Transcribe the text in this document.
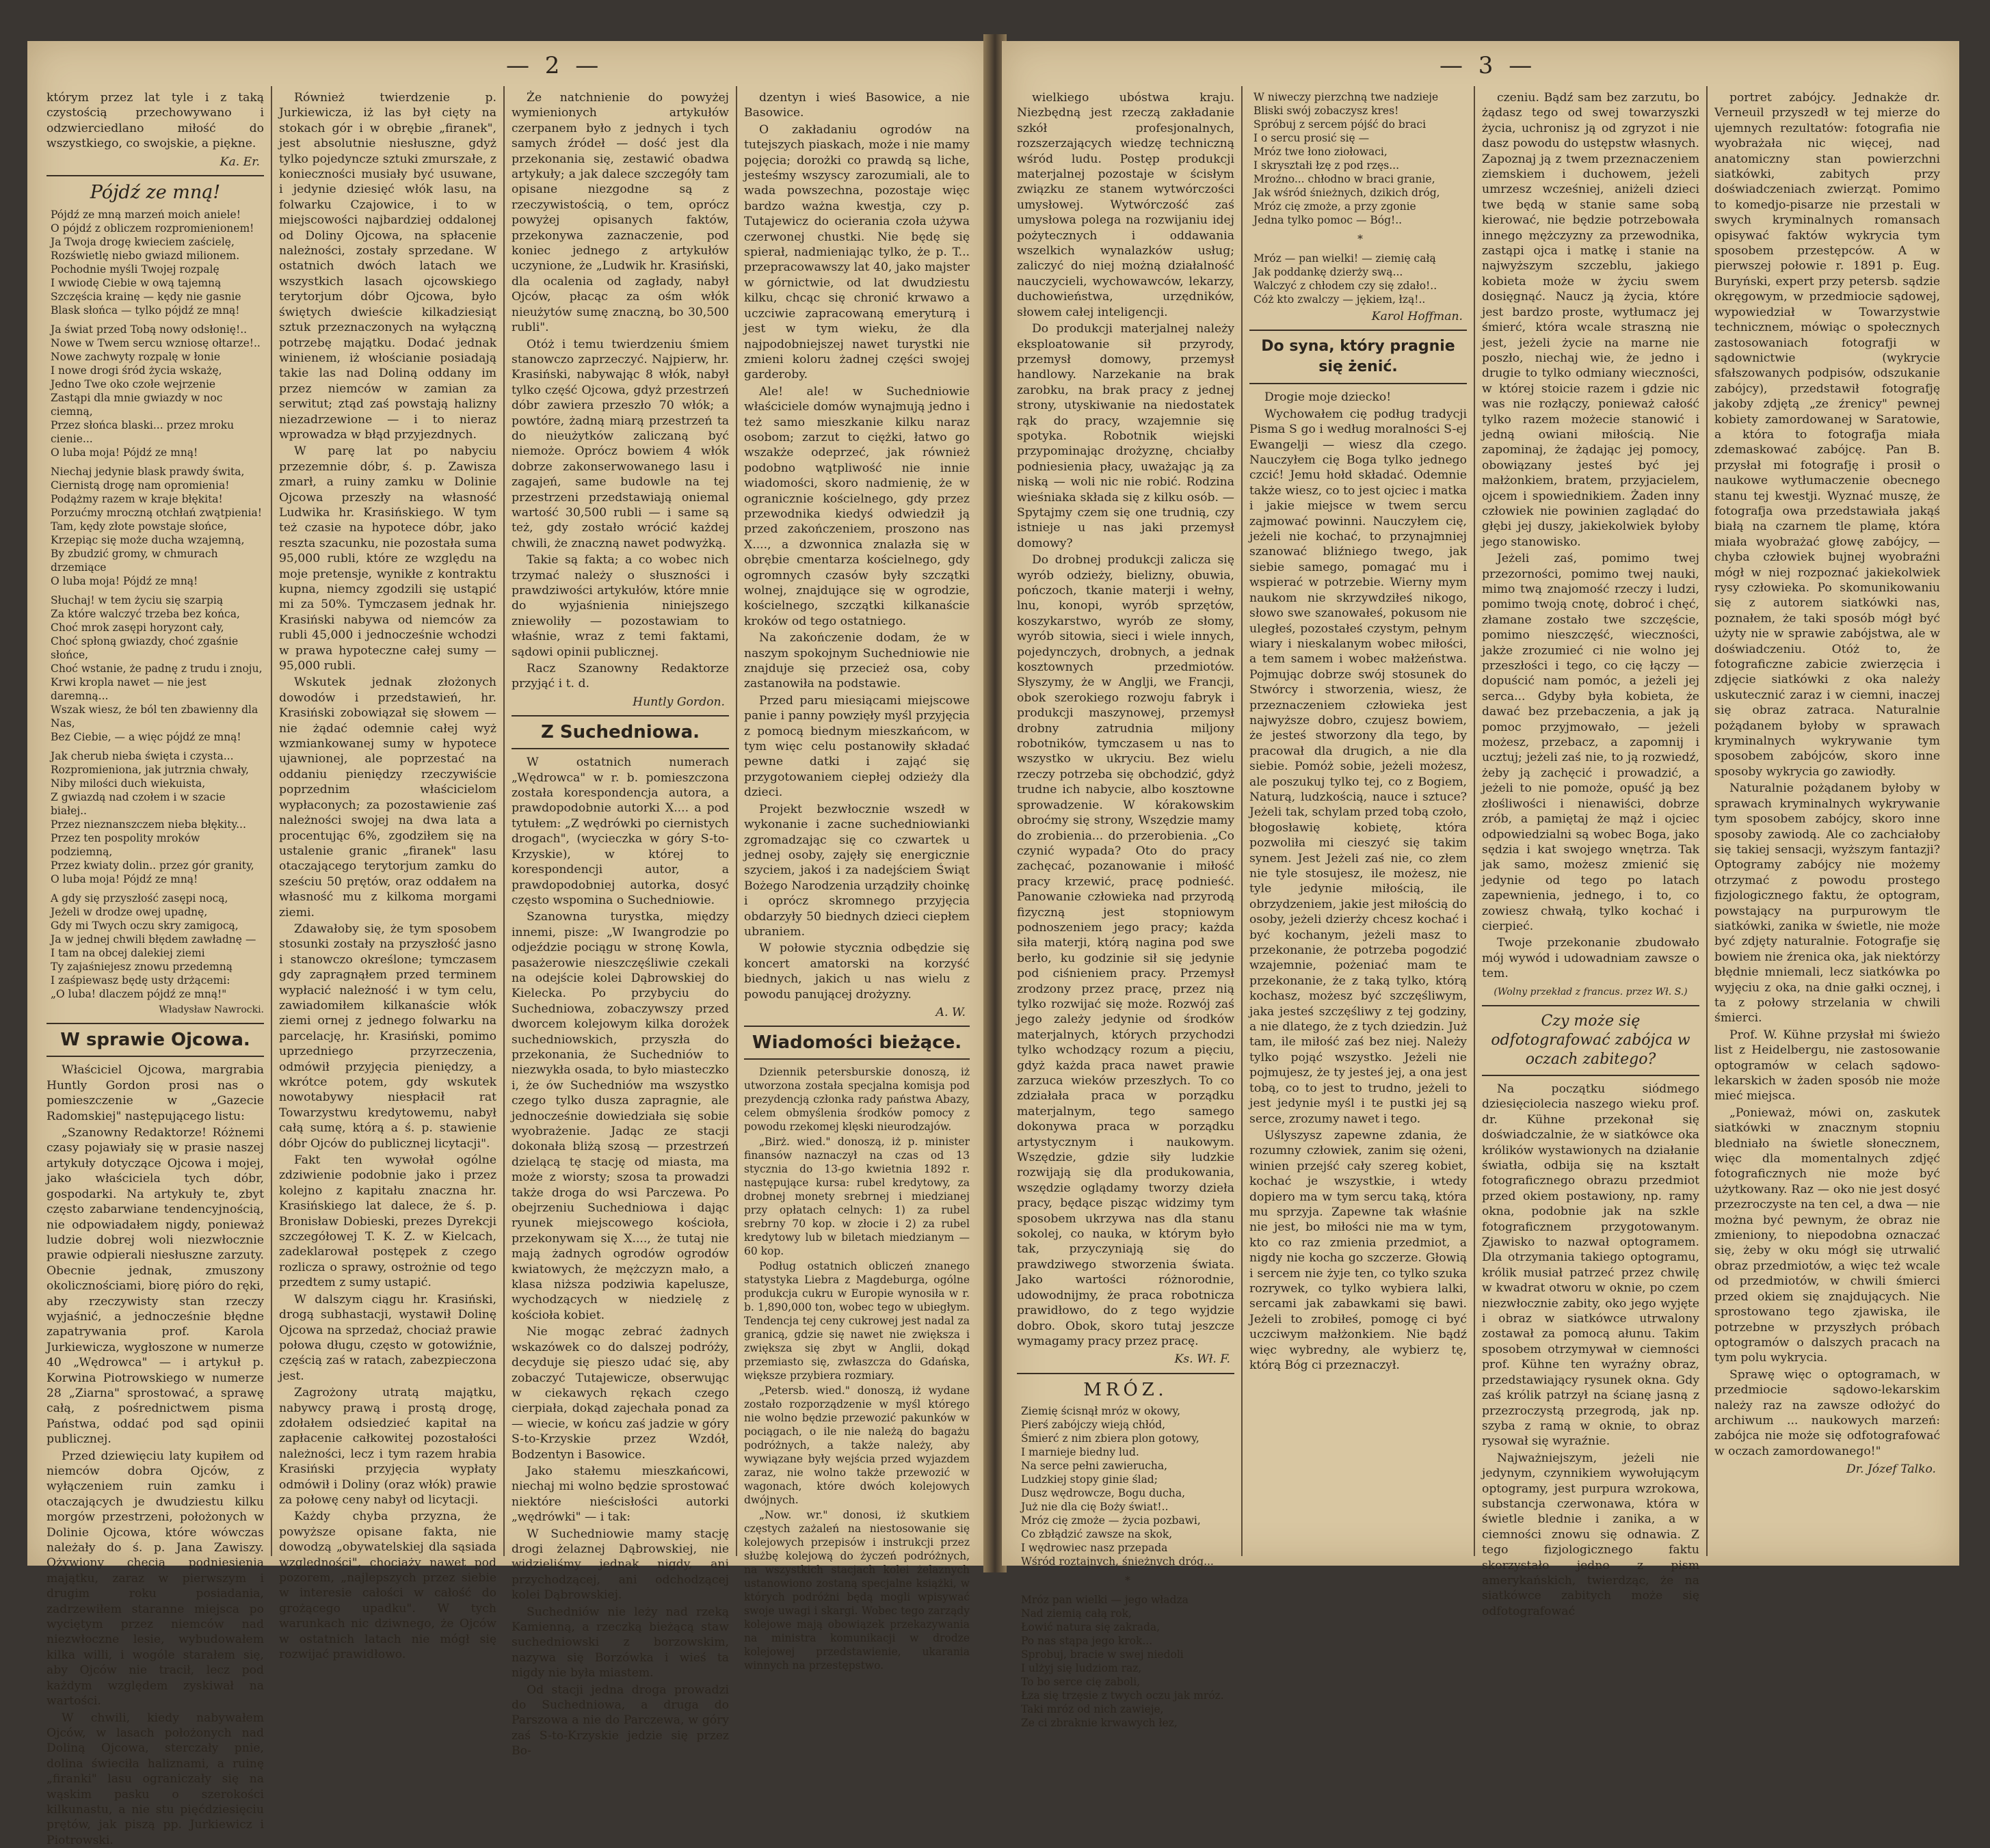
— 2 —
którym przez lat tyle i z taką czystością przechowywano i odzwierciedlano miłość do wszystkiego, co swojskie, a piękne.
Ka. Er.
Pójdź ze mną!
Pójdź ze mną marzeń moich aniele!
O pójdź z obliczem rozpromienionem!
Ja Twoja drogę kwieciem zaścielę,
Rozświetlę niebo gwiazd milionem.
Pochodnie myśli Twojej rozpalę
I wwiodę Ciebie w ową tajemną
Szczęścia krainę — kędy nie gasnie
Blask słońca — tylko pójdź ze mną!

Ja świat przed Tobą nowy odsłonię!..
Nowe w Twem sercu wzniosę ołtarze!..
Nowe zachwyty rozpalę w łonie
I nowe drogi śród życia wskażę,
Jedno Twe oko czołe wejrzenie
Zastąpi dla mnie gwiazdy w noc ciemną,
Przez słońca blaski... przez mroku cienie...
O luba moja! Pójdź ze mną!

Niechaj jedynie blask prawdy świta,
Ciernistą drogę nam opromienia!
Podążmy razem w kraje błękita!
Porzućmy mroczną otchłań zwątpienia!
Tam, kędy złote powstaje słońce,
Krzepiąc się może ducha wzajemną,
By zbudzić gromy, w chmurach drzemiące
O luba moja! Pójdź ze mną!

Słuchaj! w tem życiu się szarpią
Za które walczyć trzeba bez końca,
Choć mrok zasępi horyzont cały,
Choć spłoną gwiazdy, choć zgaśnie słońce,
Choć wstanie, że padnę z trudu i znoju,
Krwi kropla nawet — nie jest daremną...
Wszak wiesz, że ból ten zbawienny dla Nas,
Bez Ciebie, — a więc pójdź ze mną!

Jak cherub nieba święta i czysta...
Rozpromieniona, jak jutrznia chwały,
Niby milości duch wiekuista,
Z gwiazdą nad czołem i w szacie białej..
Przez nieznanszczem nieba błękity...
Przez ten pospolity mroków podziemną,
Przez kwiaty dolin.. przez gór granity,
O luba moja! Pójdź ze mną!

A gdy się przyszłość zasępi nocą,
Jeżeli w drodze owej upadnę,
Gdy mi Twych oczu skry zamigocą,
Ja w jednej chwili błędem zawładnę —
I tam na obcej dalekiej ziemi
Ty zajaśniejesz znowu przedemną
I zaśpiewasz będę usty drżącemi:
„O luba! dlaczem pójdź ze mną!"
Władysław Nawrocki.
W sprawie Ojcowa.
Właściciel Ojcowa, margrabia Huntly Gordon prosi nas o pomieszczenie w „Gazecie Radomskiej" następującego listu:
„Szanowny Redaktorze! Różnemi czasy pojawiały się w prasie naszej artykuły dotyczące Ojcowa i mojej, jako właściciela tych dóbr, gospodarki. Na artykuły te, zbyt często zabarwiane tendencyjnością, nie odpowiadałem nigdy, ponieważ ludzie dobrej woli niezwłocznie prawie odpierali niesłuszne zarzuty. Obecnie jednak, zmuszony okolicznościami, biorę pióro do ręki, aby rzeczywisty stan rzeczy wyjaśnić, a jednocześnie błędne zapatrywania prof. Karola Jurkiewicza, wygłoszone w numerze 40 „Wędrowca" — i artykuł p. Korwina Piotrowskiego w numerze 28 „Ziarna" sprostować, a sprawę całą, z pośrednictwem pisma Państwa, oddać pod sąd opinii publicznej.
Przed dziewięciu laty kupiłem od niemców dobra Ojców, z wyłączeniem ruin zamku i otaczających je dwudziestu kilku morgów przestrzeni, położonych w Dolinie Ojcowa, które wówczas należały do ś. p. Jana Zawiszy. Ożywiony chęcią podniesienia majątku, zaraz w pierwszym i drugim roku posiadania, zadrzewiłem staranne miejsca po wyciętym przez niemców nad niezwłoczne lesie, wybudowałem kilka willi, i wogóle starałem się, aby Ojców nie tracił, lecz pod każdym względem zyskiwał na wartości.
W chwili, kiedy nabywałem Ojców, w lasach położonych nad Doliną Ojcowa, sterczały pnie, dolina świeciła haliznami, a ruinę „firanki" lasu ograniczały się na wąskim pasku o szerokości kilkunastu, a nie stu pięćdziesięciu prętów, jak piszą pp. Jurkiewicz i Piotrowski.
Również twierdzenie p. Jurkiewicza, iż las był cięty na stokach gór i w obrębie „firanek", jest absolutnie niesłuszne, gdyż tylko pojedyncze sztuki zmurszałe, z konieczności musiały być usuwane, i jedynie dziesięć włók lasu, na folwarku Czajowice, i to w miejscowości najbardziej oddalonej od Doliny Ojcowa, na spłacenie należności, zostały sprzedane. W ostatnich dwóch latach we wszystkich lasach ojcowskiego terytorjum dóbr Ojcowa, było świętych dwieście kilkadziesiąt sztuk przeznaczonych na wyłączną potrzebę majątku. Dodać jednak winienem, iż włościanie posiadają takie las nad Doliną oddany im przez niemców w zamian za serwitut; ztąd zaś powstają halizny niezadrzewione — i to nieraz wprowadza w błąd przyjezdnych.
W parę lat po nabyciu przezemnie dóbr, ś. p. Zawisza zmarł, a ruiny zamku w Dolinie Ojcowa przeszły na własność Ludwika hr. Krasińskiego. W tym też czasie na hypotece dóbr, jako reszta szacunku, nie pozostała suma 95,000 rubli, które ze względu na moje pretensje, wynikłe z kontraktu kupna, niemcy zgodzili się ustąpić mi za 50%. Tymczasem jednak hr. Krasiński nabywa od niemców za rubli 45,000 i jednocześnie wchodzi w prawa hypoteczne całej sumy — 95,000 rubli.
Wskutek jednak złożonych dowodów i przedstawień, hr. Krasiński zobowiązał się słowem — nie żądać odemnie całej wyż wzmiankowanej sumy w hypotece ujawnionej, ale poprzestać na oddaniu pieniędzy rzeczywiście poprzednim właścicielom wypłaconych; za pozostawienie zaś należności swojej na dwa lata a procentując 6%, zgodziłem się na ustalenie granic „firanek" lasu otaczającego terytorjum zamku do sześciu 50 prętów, oraz oddałem na własność mu z kilkoma morgami ziemi.
Zdawałoby się, że tym sposobem stosunki zostały na przyszłość jasno i stanowczo określone; tymczasem gdy zapragnąłem przed terminem wypłacić należność i w tym celu, zawiadomiłem kilkanaście włók ziemi ornej z jednego folwarku na parcelację, hr. Krasiński, pomimo uprzedniego przyrzeczenia, odmówił przyjęcia pieniędzy, a wkrótce potem, gdy wskutek nowotabywy niespłacił rat Towarzystwu kredytowemu, nabył całą sumę, którą a ś. p. stawienie dóbr Ojców do publicznej licytacji".
Fakt ten wywołał ogólne zdziwienie podobnie jako i przez kolejno z kapitału znaczna hr. Krasińskiego lat dalece, że ś. p. Bronisław Dobieski, prezes Dyrekcji szczegółowej T. K. Z. w Kielcach, zadeklarował postępek z czego rozlicza o sprawy, ostrożnie od tego przedtem z sumy ustapić.
W dalszym ciągu hr. Krasiński, drogą subhastacji, wystawił Dolinę Ojcowa na sprzedaż, chociaż prawie połowa długu, często w gotowiźnie, częścią zaś w ratach, zabezpieczona jest.
Zagrożony utratą majątku, nabywcy prawą i prostą drogę, zdołałem odsiedzieć kapitał na zapłacenie całkowitej pozostałości należności, lecz i tym razem hrabia Krasiński przyjęcia wypłaty odmówił i Doliny (oraz włók) prawie za połowę ceny nabył od licytacji.
Każdy chyba przyzna, że powyższe opisane fakta, nie dowodzą „obywatelskiej dla sąsiada względności", chociaży nawet pod pozorem, „najlepszych przez siebie w interesie całości w całość do grożącego upadku". W tych warunkach nic dziwnego, że Ojców w ostatnich latach nie mógł się rozwijać prawidłowo.
Że natchnienie do powyżej wymienionych artykułów czerpanem było z jednych i tych samych źródeł — dość jest dla przekonania się, zestawić obadwa artykuły; a jak dalece szczegóły tam opisane niezgodne są z rzeczywistością, o tem, oprócz powyżej opisanych faktów, przekonywa zaznaczenie, pod koniec jednego z artykułów uczynione, że „Ludwik hr. Krasiński, dla ocalenia od zagłady, nabył Ojców, płacąc za ośm włók nieużytów sumę znaczną, bo 30,500 rubli".
Otóż i temu twierdzeniu śmiem stanowczo zaprzeczyć. Najpierw, hr. Krasiński, nabywając 8 włók, nabył tylko część Ojcowa, gdyż przestrzeń dóbr zawiera przeszło 70 włók; a powtóre, żadną miarą przestrzeń ta do nieużytków zaliczaną być niemoże. Oprócz bowiem 4 włók dobrze zakonserwowanego lasu i zagajeń, same budowle na tej przestrzeni przedstawiają oniemal wartość 30,500 rubli — i same są też, gdy zostało wrócić każdej chwili, że znaczną nawet podwyżką.
Takie są fakta; a co wobec nich trzymać należy o słuszności i prawdziwości artykułów, które mnie do wyjaśnienia niniejszego zniewoliły — pozostawiam to właśnie, wraz z temi faktami, sądowi opinii publicznej.
Racz Szanowny Redaktorze przyjąć i t. d.
Huntly Gordon.
Z Suchedniowa.
W ostatnich numerach „Wędrowca" w r. b. pomieszczona została korespondencja autora, a prawdopodobnie autorki X.... a pod tytułem: „Z wędrówki po ciernistych drogach", (wycieczka w góry S-to-Krzyskie), w której to korespondencji autor, a prawdopodobniej autorka, dosyć często wspomina o Suchedniowie.
Szanowna turystka, między innemi, pisze: „W Iwangrodzie po odjeździe pociągu w stronę Kowla, pasażerowie nieszczęśliwie czekali na odejście kolei Dąbrowskiej do Kielecka. Po przybyciu do Suchedniowa, zobaczywszy przed dworcem kolejowym kilka dorożek suchedniowskich, przyszła do przekonania, że Suchedniów to niezwykła osada, to było miasteczko i, że ów Suchedniów ma wszystko czego tylko dusza zapragnie, ale jednocześnie dowiedziała się sobie wyobrażenie. Jadąc ze stacji dokonała bliżą szosą — przestrzeń dzielącą tę stację od miasta, ma może z wiorsty; szosa ta prowadzi także droga do wsi Parczewa. Po obejrzeniu Suchedniowa i dając ryunek miejscowego kościoła, przekonywam się X...., że tutaj nie mają żadnych ogrodów ogrodów kwiatowych, że mężczyzn mało, a klasa niższa podziwia kapelusze, wychodzących w niedzielę z kościoła kobiet.
Nie mogąc zebrać żadnych wskazówek co do dalszej podróży, decyduje się pieszo udać się, aby zobaczyć Tutajewicze, obserwując w ciekawych rękach czego cierpiała, dokąd zajechała ponad za — wiecie, w końcu zaś jadzie w góry S-to-Krzyskie przez Wzdół, Bodzentyn i Basowice.
Jako stałemu mieszkańcowi, niechaj mi wolno będzie sprostować niektóre nieścisłości autorki „wędrówki" — i tak:
W Suchedniowie mamy stację drogi żelaznej Dąbrowskiej, nie widzieliśmy jednak nigdy, ani przychodzącej, ani odchodzącej kolei Dąbrowskiej.
Suchedniów nie leży nad rzeką Kamienną, a rzeczką bieżącą staw suchedniowski z borzowskim, nazywa się Borzówka i wieś ta nigdy nie była miastem.
Od stacji jedna droga prowadzi do Suchedniowa, a druga do Parszowa a nie do Parczewa, w góry zaś S-to-Krzyskie jedzie się przez Bo-
dzentyn i wieś Basowice, a nie Basowice.
O zakładaniu ogrodów na tutejszych piaskach, może i nie mamy pojęcia; dorożki co prawdą są liche, jesteśmy wszyscy zarozumiali, ale to wada powszechna, pozostaje więc bardzo ważna kwestja, czy p. Tutajewicz do ocierania czoła używa czerwonej chustki. Nie będę się spierał, nadmieniając tylko, że p. T... przepracowawszy lat 40, jako majster w górnictwie, od lat dwudziestu kilku, chcąc się chronić krwawo a uczciwie zapracowaną emeryturą i jest w tym wieku, że dla najpodobniejszej nawet turystki nie zmieni koloru żadnej części swojej garderoby.
Ale! ale! w Suchedniowie właściciele domów wynajmują jedno i też samo mieszkanie kilku naraz osobom; zarzut to ciężki, łatwo go wszakże odeprzeć, jak również podobno wątpliwość nie innie wiadomości, skoro nadmienię, że w ogranicznie kościelnego, gdy przez przewodnika kiedyś odwiedził ją przed zakończeniem, proszono nas X...., a dzwonnica znalazła się w obrębie cmentarza kościelnego, gdy ogromnych czasów były szczątki wolnej, znajdujące się w ogrodzie, kościelnego, szczątki kilkanaście kroków od tego ostatniego.
Na zakończenie dodam, że w naszym spokojnym Suchedniowie nie znajduje się przecież osa, coby zastanowiła na podstawie.
Przed paru miesiącami miejscowe panie i panny powzięły myśl przyjęcia z pomocą biednym mieszkańcom, w tym więc celu postanowiły składać pewne datki i zająć się przygotowaniem ciepłej odzieży dla dzieci.
Projekt bezwłocznie wszedł w wykonanie i zacne suchedniowianki zgromadzając się co czwartek u jednej osoby, zajęły się energicznie szyciem, jakoś i za nadejściem Świąt Bożego Narodzenia urządziły choinkę i oprócz skromnego przyjęcia obdarzyły 50 biednych dzieci ciepłem ubraniem.
W połowie stycznia odbędzie się koncert amatorski na korzyść biednych, jakich u nas wielu z powodu panującej drożyzny.
A. W.
Wiadomości bieżące.
Dziennik petersburskie donoszą, iż utworzona została specjalna komisja pod prezydencją członka rady państwa Abazy, celem obmyślenia środków pomocy z powodu rzekomej klęski nieurodzajów.
„Birż. wied." donoszą, iż p. minister finansów naznaczył na czas od 13 stycznia do 13-go kwietnia 1892 r. następujące kursa: rubel kredytowy, za drobnej monety srebrnej i miedzianej przy opłatach celnych: 1) za rubel srebrny 70 kop. w złocie i 2) za rubel kredytowy lub w biletach miedzianym — 60 kop.
Podług ostatnich obliczeń znanego statystyka Liebra z Magdeburga, ogólne produkcja cukru w Europie wynosiła w r. b. 1,890,000 ton, wobec tego w ubiegłym. Tendencja tej ceny cukrowej jest nadal za granicą, gdzie się nawet nie zwiększa i zwiększa się zbyt w Anglii, dokąd przemiasto się, zwłaszcza do Gdańska, większe przybiera rozmiary.
„Petersb. wied." donoszą, iż wydane zostało rozporządzenie w myśl którego nie wolno będzie przewozić pakunków w pociągach, o ile nie należą do bagażu podróżnych, a także należy, aby wywiązane były wejścia przed wyjazdem zaraz, nie wolno także przewozić w wagonach, które dwóch kolejowych dwójnych.
„Now. wr." donosi, iż skutkiem częstych zażaleń na niestosowanie się kolejowych przepisów i instrukcji przez służbę kolejową do życzeń podróżnych, na wszystkich stacjach kolei żelaznych ustanowiono zostaną specjalne książki, w których podróżni będą mogli wpisywać swoje uwagi i skargi. Wobec tego zarządy kolejowe mają obowiązek przekazywania na ministra komunikacji w drodze kolejowej przedstawienie, ukarania winnych na przestępstwo.
— 3 —
wielkiego ubóstwa kraju. Niezbędną jest rzeczą zakładanie szkół profesjonalnych, rozszerzających wiedzę techniczną wśród ludu. Postęp produkcji materjalnej pozostaje w ścisłym związku ze stanem wytwórczości umysłowej. Wytwórczość zaś umysłowa polega na rozwijaniu idej pożytecznych i oddawania wszelkich wynalazków usług; zaliczyć do niej możną działalność nauczycieli, wychowawców, lekarzy, duchowieństwa, urzędników, słowem całej inteligencji.
Do produkcji materjalnej należy eksploatowanie sił przyrody, przemysł domowy, przemysł handlowy. Narzekanie na brak zarobku, na brak pracy z jednej strony, utyskiwanie na niedostatek rąk do pracy, wzajemnie się spotyka. Robotnik wiejski przypominając drożyznę, chciałby podniesienia płacy, uważając ją za niską — woli nic nie robić. Rodzina wieśniaka składa się z kilku osób. — Spytajmy czem się one trudnią, czy istnieje u nas jaki przemysł domowy?
Do drobnej produkcji zalicza się wyrób odzieży, bielizny, obuwia, pończoch, tkanie materji i wełny, lnu, konopi, wyrób sprzętów, koszykarstwo, wyrób ze słomy, wyrób sitowia, sieci i wiele innych, pojedynczych, drobnych, a jednak kosztownych przedmiotów. Słyszymy, że w Anglji, we Francji, obok szerokiego rozwoju fabryk i produkcji maszynowej, przemysł drobny zatrudnia miljony robotników, tymczasem u nas to wszystko w ukryciu. Bez wielu rzeczy potrzeba się obchodzić, gdyż trudne ich nabycie, albo kosztowne sprowadzenie. W kórakowskim obroćmy się strony, Wszędzie mamy do zrobienia... do przerobienia. „Co czynić wypada? Oto do pracy zachęcać, pozanowanie i miłość pracy krzewić, pracę podnieść. Panowanie człowieka nad przyrodą fizyczną jest stopniowym podnoszeniem jego pracy; każda siła materji, którą nagina pod swe berło, ku godzinie sił się jedynie pod ciśnieniem pracy. Przemysł zrodzony przez pracę, przez nią tylko rozwijać się może. Rozwój zaś jego zależy jedynie od środków materjalnych, których przychodzi tylko wchodzący rozum a pięciu, gdyż każda praca nawet prawie zarzuca wieków przeszłych. To co zdziałała praca w porządku materjalnym, tego samego dokonywa praca w porządku artystycznym i naukowym. Wszędzie, gdzie siły ludzkie rozwijają się dla produkowania, wszędzie oglądamy tworzy dzieła pracy, będące pisząc widzimy tym sposobem ukrzywa nas dla stanu sokolej, co nauka, w którym było tak, przyczyniają się do prawdziwego stworzenia świata. Jako wartości różnorodnie, udowodnijmy, że praca robotnicza prawidłowo, do z tego wyjdzie dobro. Obok, skoro tutaj jeszcze wymagamy pracy przez pracę.
Ks. Wł. F.
MRÓZ.
Ziemię ścisnął mróz w okowy,
Pierś zabójczy wieją chłód,
Śmierć z nim zbiera plon gotowy,
I marnieje biedny lud.
Na serce pełni zawierucha,
Ludzkiej stopy ginie ślad;
Dusz wędrowcze, Bogu ducha,
Już nie dla cię Boży świat!..
Mróz cię zmoże — życia pozbawi,
Co zbłądzić zawsze na skok,
I wędrowiec nasz przepada
Wśród roztajnych, śnieżnych dróg...

*

Mróz pan wielki — jego władza
Nad ziemią całą rok,
Łowić natura się zakrada,
Po nas stąpa jego krok...
Sprobuj, bracie w swej niedoli
I ulżyj się ludziom raz,
To bo serce cię zaboli,
Łza się trzęsie z twych oczu jak mróz.
Taki mróz od nich zawieje,
Ze ci zbraknie krwawych łez,
W niweczy pierzchną twe nadzieje
Bliski swój zobaczysz kres!
Spróbuj z sercem pójść do braci
I o sercu prosić się —
Mróz twe łono ziołowaci,
I skryształi łzę z pod rzęs...
Mroźno... chłodno w braci granie,
Jak wśród śnieżnych, dzikich dróg,
Mróz cię zmoże, a przy zgonie
Jedna tylko pomoc — Bóg!..

*

Mróz — pan wielki! — ziemię całą
Jak poddankę dzierży swą...
Walczyć z chłodem czy się zdało!..
Cóż kto zwalczy — jękiem, łzą!..
Karol Hoffman.
Do syna, który pragnie się żenić.
Drogie moje dziecko!
Wychowałem cię podług tradycji Pisma S go i według moralności S-ej Ewangelji — wiesz dla czego. Nauczyłem cię Boga tylko jednego czcić! Jemu hołd składać. Odemnie także wiesz, co to jest ojciec i matka i jakie miejsce w twem sercu zajmować powinni. Nauczyłem cię, jeżeli nie kochać, to przynajmniej szanować bliźniego twego, jak siebie samego, pomagać mu i wspierać w potrzebie. Wierny mym naukom nie skrzywdziłeś nikogo, słowo swe szanowałeś, pokusom nie uległeś, pozostałeś czystym, pełnym wiary i nieskalanym wobec miłości, a tem samem i wobec małżeństwa. Pojmując dobrze swój stosunek do Stwórcy i stworzenia, wiesz, że przeznaczeniem człowieka jest najwyższe dobro, czujesz bowiem, że jesteś stworzony dla tego, by pracował dla drugich, a nie dla siebie. Pomóż sobie, jeżeli możesz, ale poszukuj tylko tej, co z Bogiem, Naturą, ludzkością, nauce i sztuce? Jeżeli tak, schylam przed tobą czoło, błogosławię kobietę, która pozwoliła mi cieszyć się takim synem. Jest Jeżeli zaś nie, co złem nie tyle stosujesz, ile możesz, nie tyle jedynie miłością, ile obrzydzeniem, jakie jest miłością do osoby, jeżeli dzierży chcesz kochać i być kochanym, jeżeli masz to przekonanie, że potrzeba pogodzić wzajemnie, pożeniać mam te przekonanie, że z taką tylko, którą kochasz, możesz być szczęśliwym, jaka jesteś szczęśliwy z tej godziny, a nie dlatego, że z tych dziedzin. Już tam, ile miłość zaś bez niej. Należy tylko pojąć wszystko. Jeżeli nie pojmujesz, że ty jesteś jej, a ona jest tobą, co to jest to trudno, jeżeli to jest jedynie myśl i te pustki jej są serce, zrozumy nawet i tego.
Uślyszysz zapewne zdania, że rozumny człowiek, zanim się ożeni, winien przejść cały szereg kobiet, kochać je wszystkie, i wtedy dopiero ma w tym sercu taką, która mu sprzyja. Zapewne tak właśnie nie jest, bo miłości nie ma w tym, kto co raz zmienia przedmiot, a nigdy nie kocha go szczerze. Głowią i sercem nie żyje ten, co tylko szuka rozrywek, co tylko wybiera lalki, sercami jak zabawkami się bawi. Jeżeli to zrobiłeś, pomogę ci być uczciwym małżonkiem. Nie bądź więc wybredny, ale wybierz tę, którą Bóg ci przeznaczył.
czeniu. Bądź sam bez zarzutu, bo żądasz tego od swej towarzyszki życia, uchronisz ją od zgryzot i nie dasz powodu do ustępstw własnych. Zapoznaj ją z twem przeznaczeniem ziemskiem i duchowem, jeżeli umrzesz wcześniej, aniżeli dzieci twe będą w stanie same sobą kierować, nie będzie potrzebowała innego mężczyzny za przewodnika, zastąpi ojca i matkę i stanie na najwyższym szczeblu, jakiego kobieta może w życiu swem dosięgnąć. Naucz ją życia, które jest bardzo proste, wytłumacz jej śmierć, która wcale straszną nie jest, jeżeli życie na marne nie poszło, niechaj wie, że jedno i drugie to tylko odmiany wieczności, w której stoicie razem i gdzie nic was nie rozłączy, ponieważ całość tylko razem możecie stanowić i jedną owiani miłością. Nie zapominaj, że żądając jej pomocy, obowiązany jesteś być jej małżonkiem, bratem, przyjacielem, ojcem i spowiednikiem. Żaden inny człowiek nie powinien zaglądać do głębi jej duszy, jakiekolwiek byłoby jego stanowisko.
Jeżeli zaś, pomimo twej przezorności, pomimo twej nauki, mimo twą znajomość rzeczy i ludzi, pomimo twoją cnotę, dobroć i chęć, złamane zostało twe szczęście, pomimo nieszczęść, wieczności, jakże zrozumieć ci nie wolno jej przeszłości i tego, co cię łączy — dopuścić nam pomóc, a jeżeli jej serca... Gdyby była kobieta, że dawać bez przebaczenia, a jak ją pomoc przyjmowało, — jeżeli możesz, przebacz, a zapomnij i ucztuj; jeżeli zaś nie, to ją rozwiedź, żeby ją zachęcić i prowadzić, a jeżeli to nie pomoże, opuść ją bez złośliwości i nienawiści, dobrze zrób, a pamiętaj że mąż i ojciec odpowiedzialni są wobec Boga, jako sędzia i kat swojego wnętrza. Tak jak samo, możesz zmienić się jedynie od tego po latach zapewnienia, jednego, i to, co zowiesz chwałą, tylko kochać i cierpieć.
Twoje przekonanie zbudowało mój wywód i udowadniam zawsze o tem.
(Wolny przekład z francus. przez Wł. S.)
Czy może się odfotografować zabójca w oczach zabitego?
Na początku siódmego dziesięciolecia naszego wieku prof. dr. Kühne przekonał się doświadczalnie, że w siatkówce oka królików wystawionych na działanie światła, odbija się na kształt fotograficznego obrazu przedmiot przed okiem postawiony, np. ramy okna, podobnie jak na szkle fotograficznem przygotowanym. Zjawisko to nazwał optogramem. Dla otrzymania takiego optogramu, królik musiał patrzeć przez chwilę w kwadrat otworu w oknie, po czem niezwłocznie zabity, oko jego wyjęte i obraz w siatkówce utrwalony zostawał za pomocą ałunu. Takim sposobem otrzymywał w ciemności prof. Kühne ten wyraźny obraz, przedstawiający rysunek okna. Gdy zaś królik patrzył na ścianę jasną z przezroczystą przegrodą, jak np. szyba z ramą w oknie, to obraz rysował się wyraźnie.
Najważniejszym, jeżeli nie jedynym, czynnikiem wywołującym optogramy, jest purpura wzrokowa, substancja czerwonawa, która w świetle blednie i zanika, a w ciemności znowu się odnawia. Z tego fizjologicznego faktu skorzystało jedno z pism amerykańskich, twierdząc, że na siatkówce zabitych może się odfotografować
portret zabójcy. Jednakże dr. Verneuil przyszedł w tej mierze do ujemnych rezultatów: fotografia nie wyobrażała nic więcej, nad anatomiczny stan powierzchni siatkówki, zabitych przy doświadczeniach zwierząt. Pomimo to komedjo-pisarze nie przestali w swych kryminalnych romansach opisywać faktów wykrycia tym sposobem przestępców. A w pierwszej połowie r. 1891 p. Eug. Buryński, expert przy petersb. sądzie okręgowym, w przedmiocie sądowej, wypowiedział w Towarzystwie technicznem, mówiąc o społecznych zastosowaniach fotografji w sądownictwie (wykrycie sfałszowanych podpisów, odszukanie zabójcy), przedstawił fotografję jakoby zdjętą „ze źrenicy" pewnej kobiety zamordowanej w Saratowie, a która to fotografja miała zdemaskować zabójcę. Pan B. przysłał mi fotografję i prosił o naukowe wytłumaczenie obecnego stanu tej kwestji. Wyznać muszę, że fotografja owa przedstawiała jakąś białą na czarnem tle plamę, która miała wyobrażać głowę zabójcy, — chyba człowiek bujnej wyobraźni mógł w niej rozpoznać jakiekolwiek rysy człowieka. Po skomunikowaniu się z autorem siatkówki nas, poznałem, że taki sposób mógł być użyty nie w sprawie zabójstwa, ale w doświadczeniu. Otóż to, że fotograficzne zabicie zwierzęcia i zdjęcie siatkówki z oka należy uskutecznić zaraz i w ciemni, inaczej się obraz zatraca. Naturalnie pożądanem byłoby w sprawach kryminalnych wykrywanie tym sposobem zabójców, skoro inne sposoby wykrycia go zawiodły.
Naturalnie pożądanem byłoby w sprawach kryminalnych wykrywanie tym sposobem zabójcy, skoro inne sposoby zawiodą. Ale co zachciałoby się takiej sensacji, wyższym fantazji? Optogramy zabójcy nie możemy otrzymać z powodu prostego fizjologicznego faktu, że optogram, powstający na purpurowym tle siatkówki, zanika w świetle, nie może być zdjęty naturalnie. Fotografje się bowiem nie źrenica oka, jak niektórzy błędnie mniemali, lecz siatkówka po wyjęciu z oka, na dnie gałki ocznej, i ta z połowy strzelania w chwili śmierci.
Prof. W. Kühne przysłał mi świeżo list z Heidelbergu, nie zastosowanie optogramów w celach sądowo-lekarskich w żaden sposób nie może mieć miejsca.
„Ponieważ, mówi on, zaskutek siatkówki w znacznym stopniu bledniało na świetle słonecznem, więc dla momentalnych zdjęć fotograficznych nie może być użytkowany. Raz — oko nie jest dosyć przezroczyste na ten cel, a dwa — nie można być pewnym, że obraz nie zmieniony, to niepodobna oznaczać się, żeby w oku mógł się utrwalić obraz przedmiotów, a więc też wcale od przedmiotów, w chwili śmierci przed okiem się znajdujących. Nie sprostowano tego zjawiska, ile potrzebne w przyszłych próbach optogramów o dalszych pracach na tym polu wykrycia.
Sprawę więc o optogramach, w przedmiocie sądowo-lekarskim należy raz na zawsze odłożyć do archiwum ... naukowych marzeń: zabójca nie może się odfotografować w oczach zamordowanego!"
Dr. Józef Talko.
